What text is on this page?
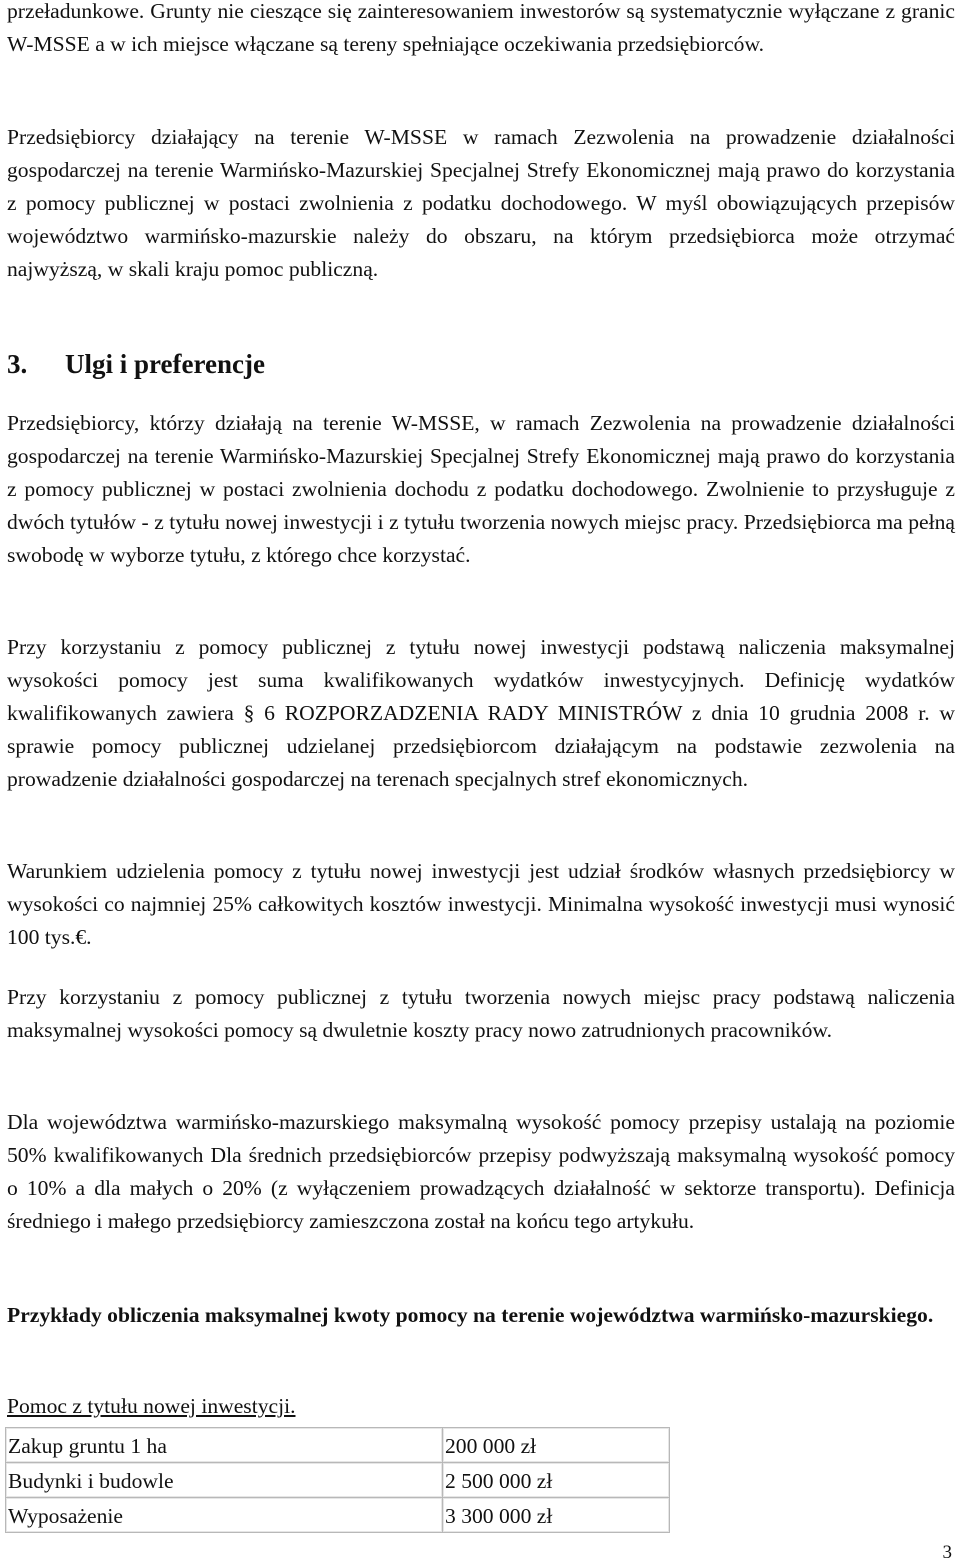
przeładunkowe. Grunty nie cieszące się zainteresowaniem inwestorów są systematycznie wyłączane z granic W-MSSE a w ich miejsce włączane są tereny spełniające oczekiwania przedsiębiorców.

Przedsiębiorcy działający na terenie W-MSSE w ramach Zezwolenia na prowadzenie działalności gospodarczej na terenie Warmińsko-Mazurskiej Specjalnej Strefy Ekonomicznej mają prawo do korzystania z pomocy publicznej w postaci zwolnienia z podatku dochodowego. W myśl obowiązujących przepisów województwo warmińsko-mazurskie należy do obszaru, na którym przedsiębiorca może otrzymać najwyższą, w skali kraju pomoc publiczną.

3. Ulgi i preferencje

Przedsiębiorcy, którzy działają na terenie W-MSSE, w ramach Zezwolenia na prowadzenie działalności gospodarczej na terenie Warmińsko-Mazurskiej Specjalnej Strefy Ekonomicznej mają prawo do korzystania z pomocy publicznej w postaci zwolnienia dochodu z podatku dochodowego. Zwolnienie to przysługuje z dwóch tytułów - z tytułu nowej inwestycji i z tytułu tworzenia nowych miejsc pracy. Przedsiębiorca ma pełną swobodę w wyborze tytułu, z którego chce korzystać.

Przy korzystaniu z pomocy publicznej z tytułu nowej inwestycji podstawą naliczenia maksymalnej wysokości pomocy jest suma kwalifikowanych wydatków inwestycyjnych. Definicję wydatków kwalifikowanych zawiera § 6 ROZPORZADZENIA RADY MINISTRÓW z dnia 10 grudnia 2008 r. w sprawie pomocy publicznej udzielanej przedsiębiorcom działającym na podstawie zezwolenia na prowadzenie działalności gospodarczej na terenach specjalnych stref ekonomicznych.

Warunkiem udzielenia pomocy z tytułu nowej inwestycji jest udział środków własnych przedsiębiorcy w wysokości co najmniej 25% całkowitych kosztów inwestycji. Minimalna wysokość inwestycji musi wynosić 100 tys.€.

Przy korzystaniu z pomocy publicznej z tytułu tworzenia nowych miejsc pracy podstawą naliczenia maksymalnej wysokości pomocy są dwuletnie koszty pracy nowo zatrudnionych pracowników.

Dla województwa warmińsko-mazurskiego maksymalną wysokość pomocy przepisy ustalają na poziomie 50% kwalifikowanych Dla średnich przedsiębiorców przepisy podwyższają maksymalną wysokość pomocy o 10% a dla małych o 20% (z wyłączeniem prowadzących działalność w sektorze transportu). Definicja średniego i małego przedsiębiorcy zamieszczona został na końcu tego artykułu.

Przykłady obliczenia maksymalnej kwoty pomocy na terenie województwa warmińsko-mazurskiego.

Pomoc z tytułu nowej inwestycji.

Zakup gruntu 1 ha	200 000 zł
Budynki i budowle	2 500 000 zł
Wyposażenie	3 300 000 zł
3
